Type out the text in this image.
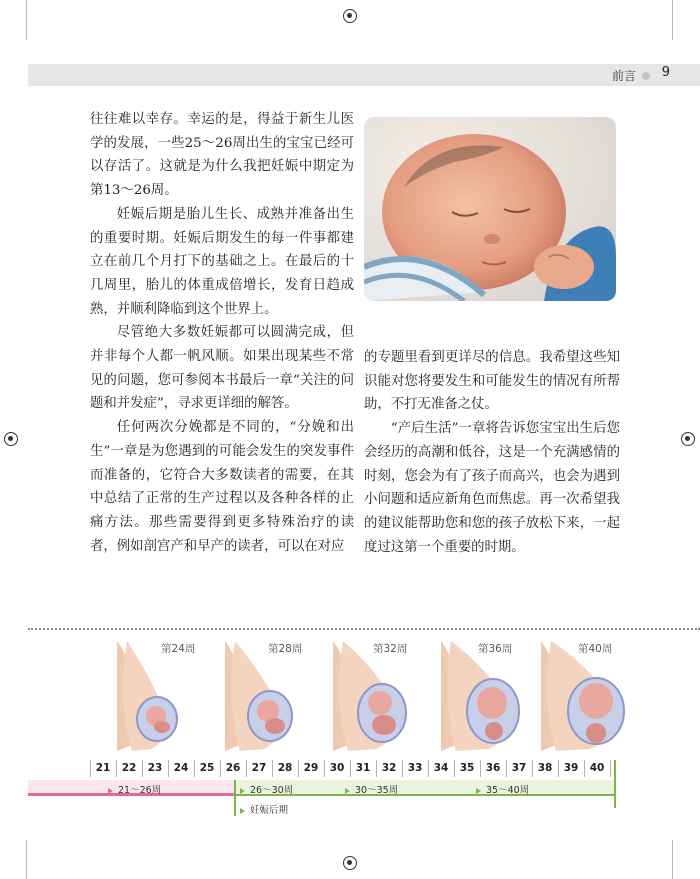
前言 9

往往难以幸存。幸运的是，得益于新生儿医学的发展，一些25～26周出生的宝宝已经可以存活了。这就是为什么我把妊娠中期定为第13～26周。

妊娠后期是胎儿生长、成熟并准备出生的重要时期。妊娠后期发生的每一件事都建立在前几个月打下的基础之上。在最后的十几周里，胎儿的体重成倍增长，发育日趋成熟，并顺利降临到这个世界上。

尽管绝大多数妊娠都可以圆满完成，但并非每个人都一帆风顺。如果出现某些不常见的问题，您可参阅本书最后一章“关注的问题和并发症”，寻求更详细的解答。

任何两次分娩都是不同的，“分娩和出生”一章是为您遇到的可能会发生的突发事件而准备的，它符合大多数读者的需要，在其中总结了正常的生产过程以及各种各样的止痛方法。那些需要得到更多特殊治疗的读者，例如剖宫产和早产的读者，可以在对应

的专题里看到更详尽的信息。我希望这些知识能对您将要发生和可能发生的情况有所帮助，不打无准备之仗。

“产后生活”一章将告诉您宝宝出生后您会经历的高潮和低谷，这是一个充满感情的时刻，您会为有了孩子而高兴，也会为遇到小问题和适应新角色而焦虑。再一次希望我的建议能帮助您和您的孩子放松下来，一起度过这第一个重要的时期。

第24周	第28周	第32周	第36周	第40周
21	22	23	24	25	26	27	28	29	30	31	32	33	34	35	36	37	38	39	40
21～26周	26～30周	30～35周	35～40周
妊娠后期
